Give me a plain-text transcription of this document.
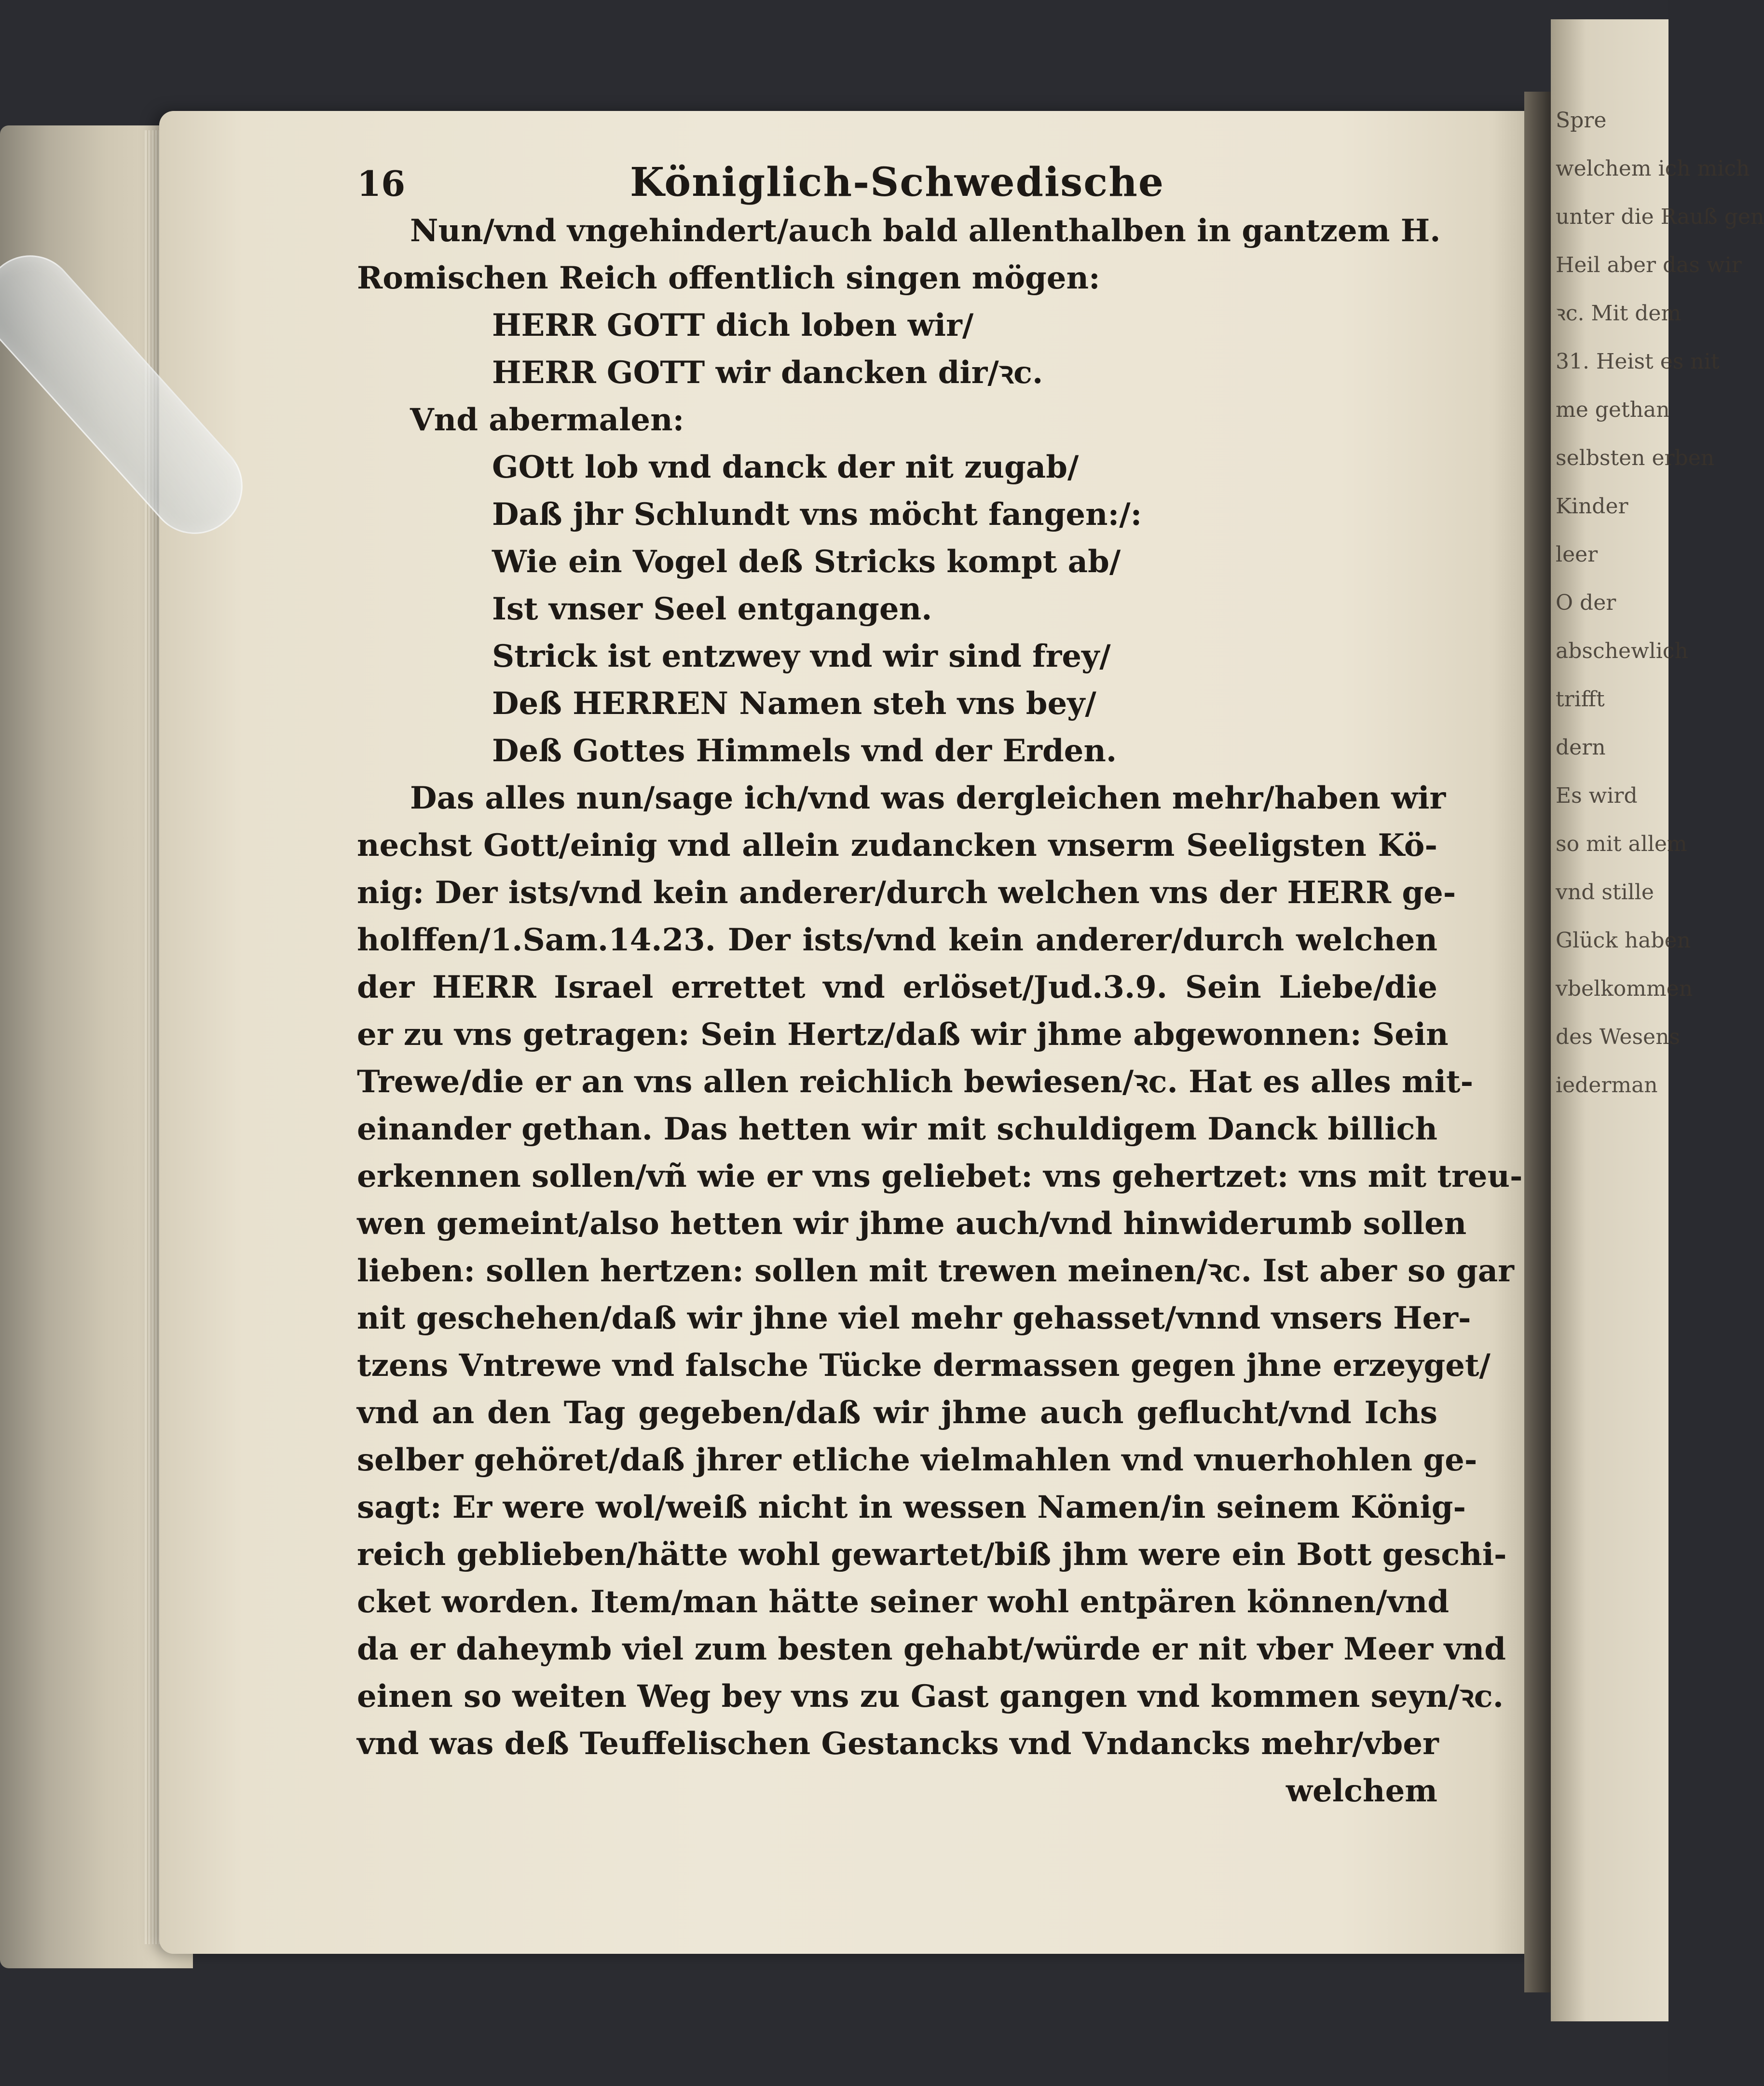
Spre
welchem ich mich
unter die Rauß gen
Heil aber das wir
ꝛc. Mit dem
31. Heist es nit
me gethan
selbsten erben
Kinder
leer
O der
abschewlich
trifft
dern
Es wird
so mit allem
vnd stille
Glück haben
vbelkommen
des Wesens
iederman
16	Königlich-Schwedische
Nun/vnd vngehindert/auch bald allenthalben in gantzem H.
Romischen Reich offentlich singen mögen:
HERR GOTT dich loben wir/
HERR GOTT wir dancken dir/ꝛc.
Vnd abermalen:
GOtt lob vnd danck der nit zugab/
Daß jhr Schlundt vns möcht fangen:/:
Wie ein Vogel deß Stricks kompt ab/
Ist vnser Seel entgangen.
Strick ist entzwey vnd wir sind frey/
Deß HERREN Namen steh vns bey/
Deß Gottes Himmels vnd der Erden.
Das alles nun/sage ich/vnd was dergleichen mehr/haben wir
nechst Gott/einig vnd allein zudancken vnserm Seeligsten Kö-
nig: Der ists/vnd kein anderer/durch welchen vns der HERR ge-
holffen/1.Sam.14.23. Der ists/vnd kein anderer/durch welchen
der HERR Israel errettet vnd erlöset/Jud.3.9. Sein Liebe/die
er zu vns getragen: Sein Hertz/daß wir jhme abgewonnen: Sein
Trewe/die er an vns allen reichlich bewiesen/ꝛc. Hat es alles mit-
einander gethan. Das hetten wir mit schuldigem Danck billich
erkennen sollen/vñ wie er vns geliebet: vns gehertzet: vns mit treu-
wen gemeint/also hetten wir jhme auch/vnd hinwiderumb sollen
lieben: sollen hertzen: sollen mit trewen meinen/ꝛc. Ist aber so gar
nit geschehen/daß wir jhne viel mehr gehasset/vnnd vnsers Her-
tzens Vntrewe vnd falsche Tücke dermassen gegen jhne erzeyget/
vnd an den Tag gegeben/daß wir jhme auch geflucht/vnd Ichs
selber gehöret/daß jhrer etliche vielmahlen vnd vnuerhohlen ge-
sagt: Er were wol/weiß nicht in wessen Namen/in seinem König-
reich geblieben/hätte wohl gewartet/biß jhm were ein Bott geschi-
cket worden. Item/man hätte seiner wohl entpären können/vnd
da er daheymb viel zum besten gehabt/würde er nit vber Meer vnd
einen so weiten Weg bey vns zu Gast gangen vnd kommen seyn/ꝛc.
vnd was deß Teuffelischen Gestancks vnd Vndancks mehr/vber
welchem
